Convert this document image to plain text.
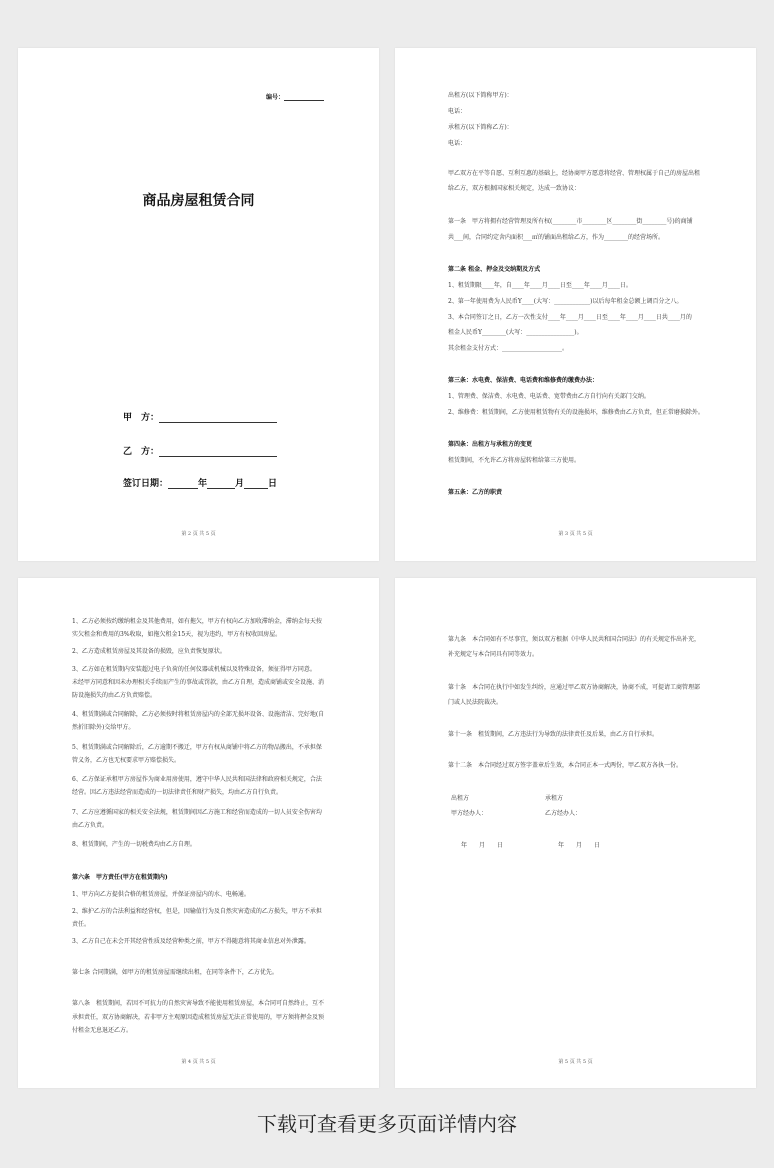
编号：
商品房屋租赁合同
甲　方：
乙　方：
签订日期：	年	月	日
第 2 页 共 5 页
出租方(以下简称甲方)：
电话：
承租方(以下简称乙方)：
电话：
甲乙双方在平等自愿、互利互惠的基础上，经协商甲方愿意将经营、管理权属于自己的房屋出租
给乙方，双方根据国家相关规定，达成一致协议：
第一条　甲方将拥有经营管理及所有权(________市________区________街________号)的商铺
共___间，合同约定舍内面积___㎡的铺面出租给乙方，作为________的经营场所。
第二条 租金、押金及交纳期及方式
1、租赁期限____年，自____年____月____日至____年____月____日。
2、第一年使用费为人民币Y____(大写：____________)以后每年租金总额上调百分之八。
3、本合同签订之日，乙方一次性支付____年____月____日至____年____月____日共____月的
租金人民币Y________(大写：________________)。
其余租金支付方式：____________________。
第三条：水电费、保洁费、电话费和维修费的缴费办法：
1、管理费、保洁费、水电费、电话费、宽带费由乙方自行向有关部门交纳。
2、维修费：租赁期间，乙方使用租赁物有关的设施损坏，维修费由乙方负责，但正常磨损除外。
第四条：出租方与承租方的变更
租赁期间，不允许乙方将房屋转租给第三方使用。
第五条：乙方的职责
第 3 页 共 5 页
1、乙方必须按约缴纳租金及其他费用，如有拖欠，甲方有权向乙方加收滞纳金，滞纳金每天按
实欠租金和费用的3%收取，如拖欠租金15天，视为违约，甲方有权收回房屋。
2、乙方造成租赁房屋及其设备的损毁，应负责恢复原状。
3、乙方如在租赁期内安装超过电子负荷的任何仪器或机械以及特殊设备，须征得甲方同意。
未经甲方同意和因未办理相关手续而产生的事故或罚款，由乙方自理，造成商铺或安全设施、消
防设施损失的由乙方负责赔偿。
4、租赁期满或合同解除，乙方必须按时将租赁房屋内的全部无损坏设备、设施清洁、完好地(自
然折旧除外)交给甲方。
5、租赁期满或合同解除后，乙方逾期不搬迁，甲方有权从商铺中将乙方的物品搬出，不承担保
管义务，乙方也无权要求甲方赔偿损失。
6、乙方保证承租甲方房屋作为商业用房使用，遵守中华人民共和国法律和政府相关规定，合法
经营。因乙方违法经营而造成的一切法律责任和财产损失，均由乙方自行负责。
7、乙方应遵循国家的相关安全法规，租赁期间因乙方施工和经营而造成的一切人员安全伤害均
由乙方负责。
8、租赁期间，产生的一切税费均由乙方自理。
第六条　甲方责任(甲方在租赁期内)
1、甲方向乙方提供合格的租赁房屋，并保证房屋内的水、电畅通。
2、维护乙方的合法利益和经营权，但是，因输值行为及自然灾害造成的乙方损失，甲方不承担
责任。
3、乙方自己在未会开其经营性质及经营种类之前，甲方不得随意将其商业信息对外泄露。
第七条 合同期满，如甲方的租赁房屋需继续出租，在同等条件下，乙方优先。
第八条　租赁期间，若因不可抗力的自然灾害导致不能使用租赁房屋，本合同可自然终止，互不
承担责任，双方协商解决，若非甲方主观原因造成租赁房屋无法正常使用的，甲方须将押金及预
付租金无息退还乙方。
第 4 页 共 5 页
第九条　本合同如有不尽事宜，须以双方根据《中华人民共和国合同法》的有关规定作出补充，
补充规定与本合同具有同等效力。
第十条　本合同在执行中如发生纠纷，应通过甲乙双方协商解决，协商不成，可提请工商管理部
门或人民法院裁决。
第十一条　租赁期间，乙方违法行为导致的法律责任及后果，由乙方自行承担。
第十二条　本合同经过双方签字盖章后生效，本合同正本一式两份，甲乙双方各执一份。
出租方	承租方
甲方经办人：	乙方经办人：
年　　月　　日	年　　月　　日
第 5 页 共 5 页
下载可查看更多页面详情内容
